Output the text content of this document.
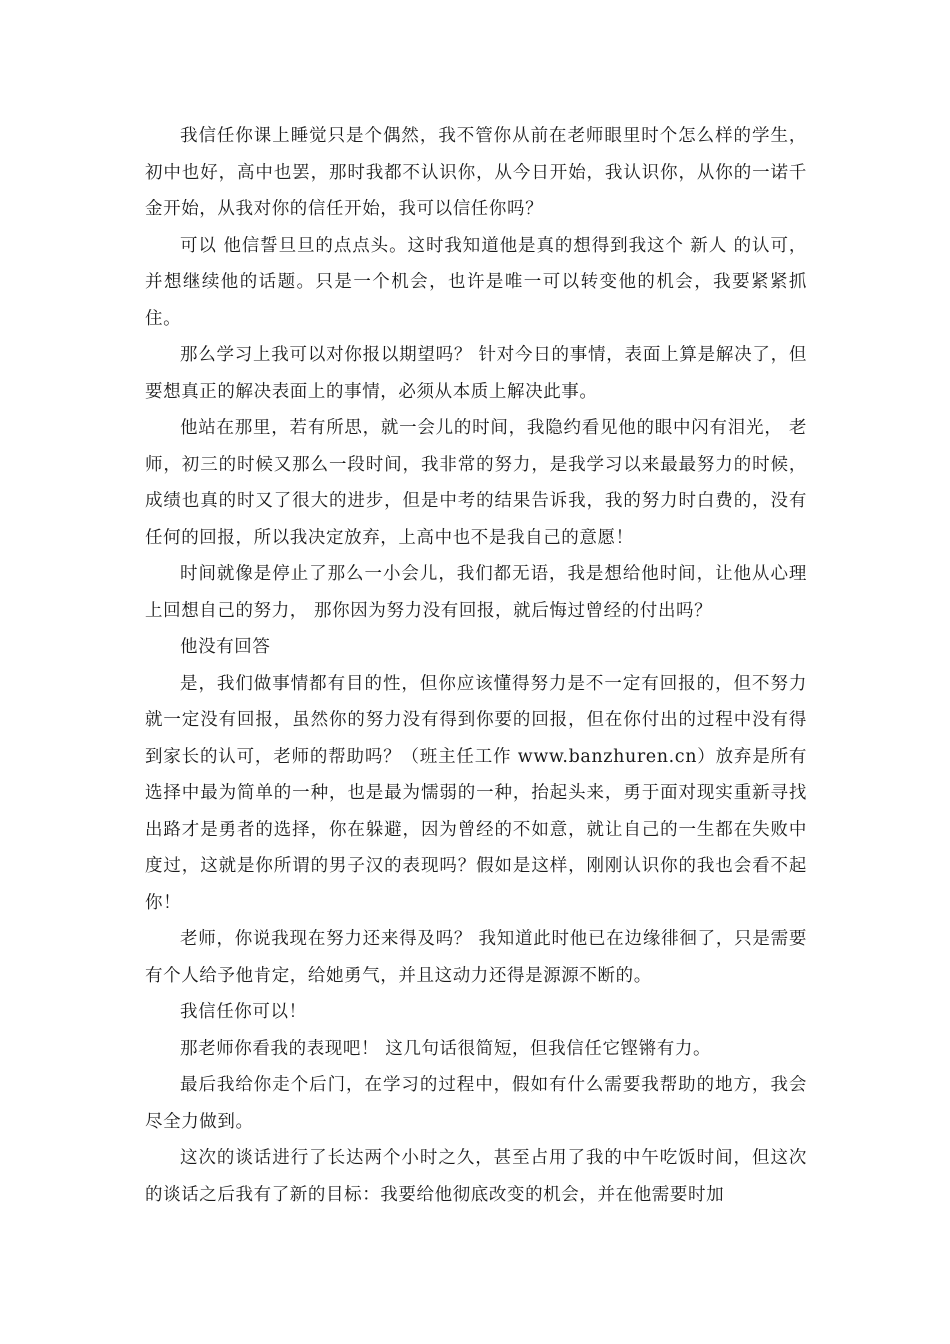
我信任你课上睡觉只是个偶然，我不管你从前在老师眼里时个怎么样的学生，初中也好，高中也罢，那时我都不认识你，从今日开始，我认识你，从你的一诺千金开始，从我对你的信任开始，我可以信任你吗？

可以 他信誓旦旦的点点头。这时我知道他是真的想得到我这个 新人 的认可，并想继续他的话题。只是一个机会，也许是唯一可以转变他的机会，我要紧紧抓住。

那么学习上我可以对你报以期望吗？ 针对今日的事情，表面上算是解决了，但要想真正的解决表面上的事情，必须从本质上解决此事。

他站在那里，若有所思，就一会儿的时间，我隐约看见他的眼中闪有泪光， 老师，初三的时候又那么一段时间，我非常的努力，是我学习以来最最努力的时候，成绩也真的时又了很大的进步，但是中考的结果告诉我，我的努力时白费的，没有任何的回报，所以我决定放弃，上高中也不是我自己的意愿！

时间就像是停止了那么一小会儿，我们都无语，我是想给他时间，让他从心理上回想自己的努力， 那你因为努力没有回报，就后悔过曾经的付出吗？

他没有回答

是，我们做事情都有目的性，但你应该懂得努力是不一定有回报的，但不努力就一定没有回报，虽然你的努力没有得到你要的回报，但在你付出的过程中没有得到家长的认可，老师的帮助吗？（班主任工作 www.banzhuren.cn）放弃是所有选择中最为简单的一种，也是最为懦弱的一种，抬起头来，勇于面对现实重新寻找出路才是勇者的选择，你在躲避，因为曾经的不如意，就让自己的一生都在失败中度过，这就是你所谓的男子汉的表现吗？假如是这样，刚刚认识你的我也会看不起你！

老师，你说我现在努力还来得及吗？ 我知道此时他已在边缘徘徊了，只是需要有个人给予他肯定，给她勇气，并且这动力还得是源源不断的。

我信任你可以！

那老师你看我的表现吧！ 这几句话很简短，但我信任它铿锵有力。

最后我给你走个后门，在学习的过程中，假如有什么需要我帮助的地方，我会尽全力做到。

这次的谈话进行了长达两个小时之久，甚至占用了我的中午吃饭时间，但这次的谈话之后我有了新的目标：我要给他彻底改变的机会，并在他需要时加
